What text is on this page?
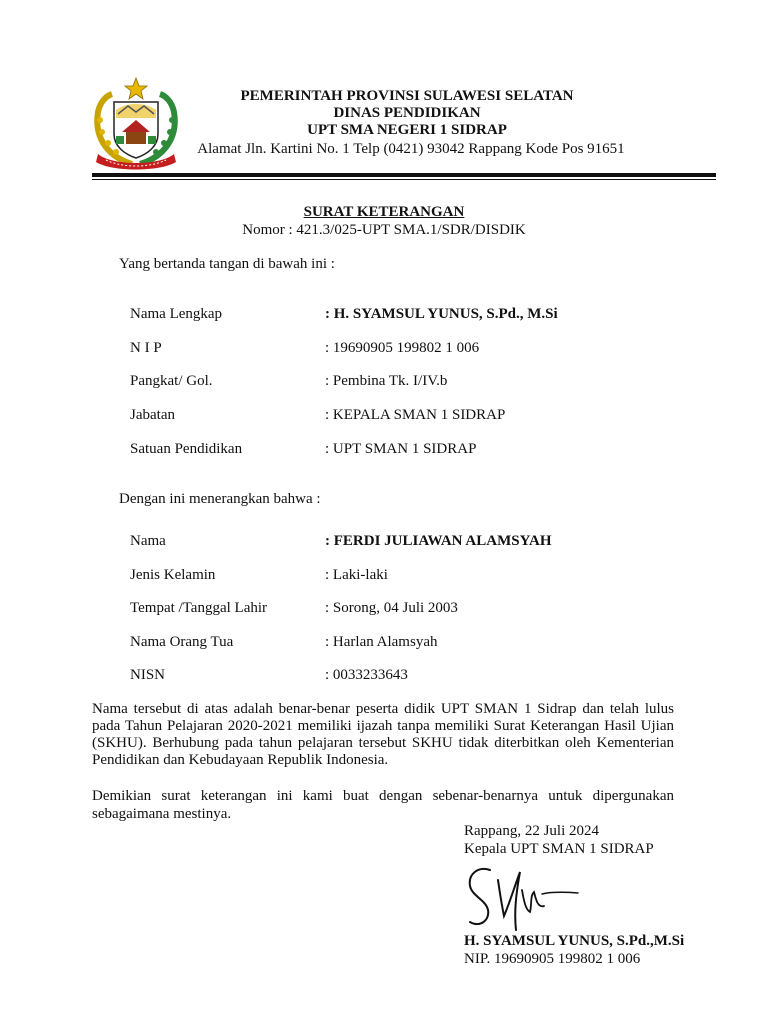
PEMERINTAH PROVINSI SULAWESI SELATAN
DINAS PENDIDIKAN
UPT SMA NEGERI 1 SIDRAP
Alamat Jln. Kartini No. 1 Telp (0421) 93042 Rappang Kode Pos 91651
SURAT KETERANGAN
Nomor : 421.3/025-UPT SMA.1/SDR/DISDIK
Yang bertanda tangan di bawah ini :
Nama Lengkap	: H. SYAMSUL YUNUS, S.Pd., M.Si
N I P	: 19690905 199802 1 006
Pangkat/ Gol.	: Pembina Tk. I/IV.b
Jabatan	: KEPALA SMAN 1 SIDRAP
Satuan Pendidikan	: UPT SMAN 1 SIDRAP
Dengan ini menerangkan bahwa :
Nama	: FERDI JULIAWAN ALAMSYAH
Jenis Kelamin	: Laki-laki
Tempat /Tanggal Lahir	: Sorong, 04 Juli 2003
Nama Orang Tua	: Harlan Alamsyah
NISN	: 0033233643
Nama tersebut di atas adalah benar-benar peserta didik UPT SMAN 1 Sidrap dan telah lulus pada Tahun Pelajaran 2020-2021 memiliki ijazah tanpa memiliki Surat Keterangan Hasil Ujian (SKHU). Berhubung pada tahun pelajaran tersebut SKHU tidak diterbitkan oleh Kementerian Pendidikan dan Kebudayaan Republik Indonesia.
Demikian surat keterangan ini kami buat dengan sebenar-benarnya untuk dipergunakan sebagaimana mestinya.
Rappang, 22 Juli 2024
Kepala UPT SMAN 1 SIDRAP
H. SYAMSUL YUNUS, S.Pd.,M.Si
NIP. 19690905 199802 1 006
